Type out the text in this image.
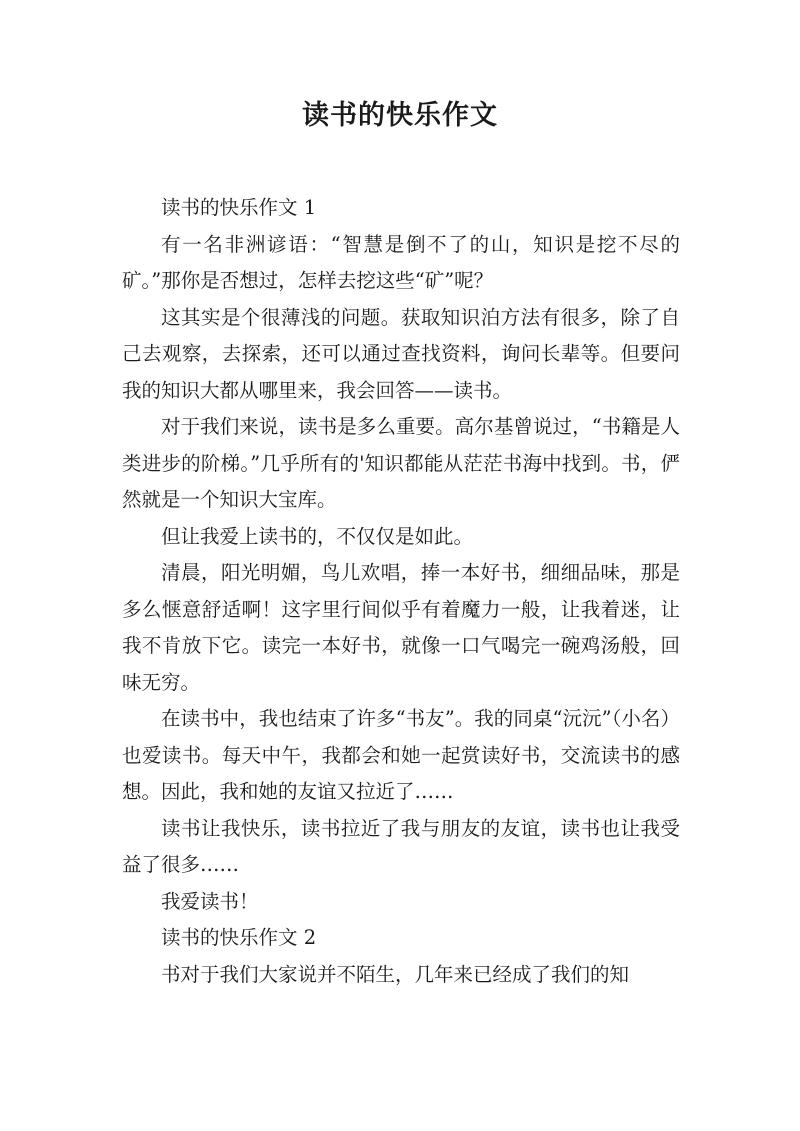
读书的快乐作文

读书的快乐作文 1

有一名非洲谚语：“智慧是倒不了的山，知识是挖不尽的矿。”那你是否想过，怎样去挖这些“矿”呢？

这其实是个很薄浅的问题。获取知识泊方法有很多，除了自己去观察，去探索，还可以通过查找资料，询问长辈等。但要问我的知识大都从哪里来，我会回答——读书。

对于我们来说，读书是多么重要。高尔基曾说过，“书籍是人类进步的阶梯。”几乎所有的'知识都能从茫茫书海中找到。书，俨然就是一个知识大宝库。

但让我爱上读书的，不仅仅是如此。

清晨，阳光明媚，鸟儿欢唱，捧一本好书，细细品味，那是多么惬意舒适啊！这字里行间似乎有着魔力一般，让我着迷，让我不肯放下它。读完一本好书，就像一口气喝完一碗鸡汤般，回味无穷。

在读书中，我也结束了许多“书友”。我的同桌“沅沅”（小名）也爱读书。每天中午，我都会和她一起赏读好书，交流读书的感想。因此，我和她的友谊又拉近了……

读书让我快乐，读书拉近了我与朋友的友谊，读书也让我受益了很多……

我爱读书！

读书的快乐作文 2

书对于我们大家说并不陌生，几年来已经成了我们的知
